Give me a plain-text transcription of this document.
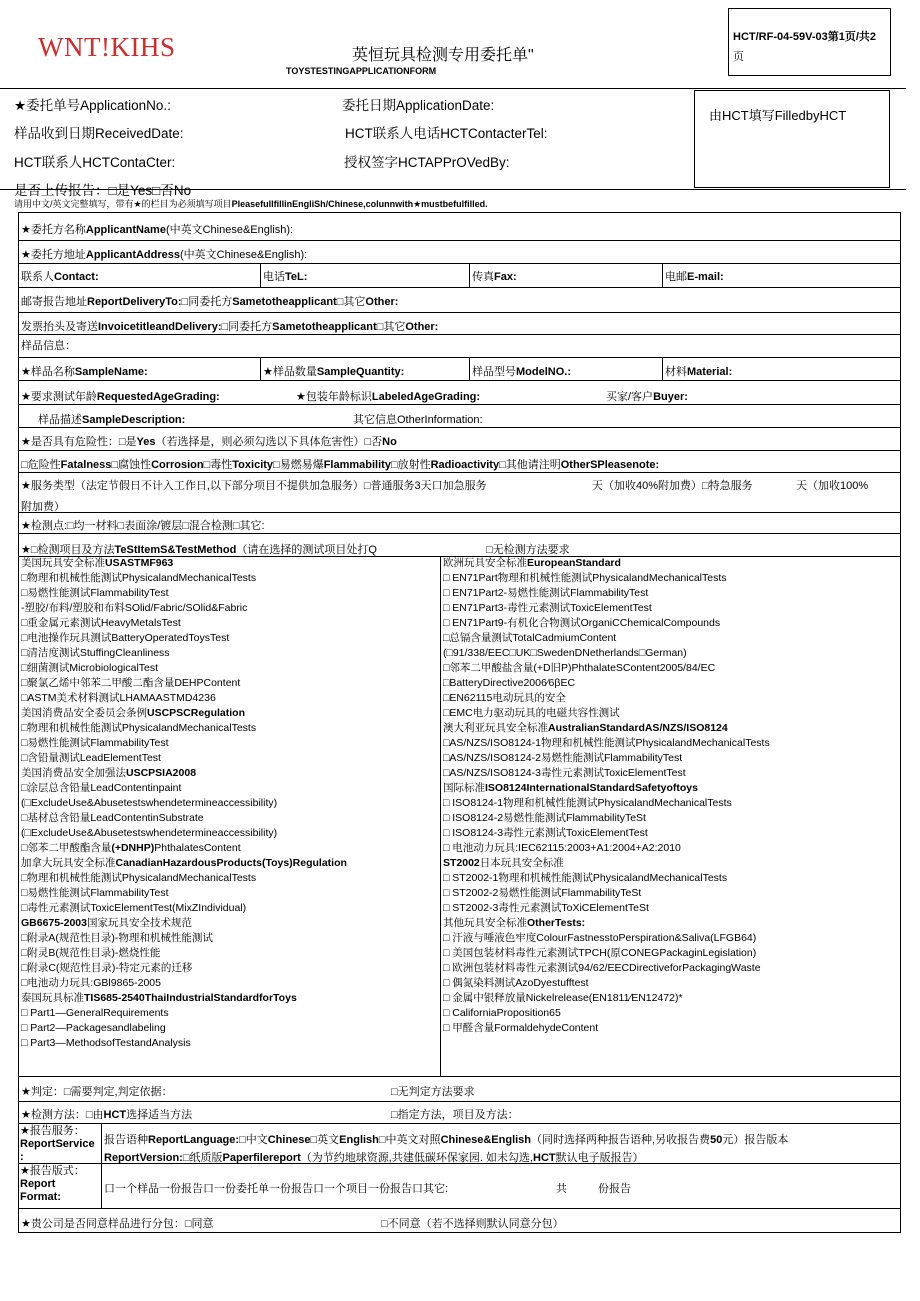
WNT!KIHS	英恒玩具检测专用委托单"
TOYSTESTINGAPPLICATIONFORM
HCT/RF-04-59V-03第1页/共2
页
由HCT填写FilledbyHCT
★委托单号ApplicationNo.:	委托日期ApplicationDate:
样品收到日期ReceivedDate:	HCT联系人电话HCTContacterTel:
HCT联系人HCTContaCter:	授权签字HCTAPPrOVedBy:
是否上传报告：□是Yes□否No
请用中文/英文完整填写，带有★的栏目为必须填写项目PleasefullfillinEngliSh/Chinese,colunnwith★mustbefulfilled.
★委托方名称ApplicantName(中英文Chinese&English):
★委托方地址ApplicantAddress(中英文Chinese&English):
联系人Contact:	电话TeL:	传真Fax:	电邮E-mail:
邮寄报告地址ReportDeliveryTo:□同委托方Sametotheapplicant□其它Other:
发票抬头及寄送InvoicetitleandDelivery:□同委托方Sametotheapplicant□其它Other:
样品信息：
★样品名称SampleName:	★样品数量SampleQuantity:	样品型号ModelNO.:	材料Material:
★要求测试年龄RequestedAgeGrading:	★包装年龄标识LabeledAgeGrading:	买家/客户Buyer:
样品描述SampleDescription:	其它信息OtherInformation:
★是否具有危险性：□是Yes（若选择是，则必须勾选以下具体危害性）□否No
□危险性Fatalness□腐蚀性Corrosion□毒性Toxicity□易燃易爆Flammability□放射性Radioactivity□其他请注明OtherSPleasenote:
★服务类型（法定节假日不计入工作日,以下部分项目不提供加急服务）□普通服务3天口加急服务	天（加收40%附加费）□特急服务	天（加收100%
附加费）
★检测点:□均一材料□表面涂/镀层□混合检测□其它:
★□检测项目及方法TeStItemS&TestMethod（请在选择的测试项目处打Q	□无检测方法要求
美国玩具安全标准USASTMF963
□物理和机械性能测试PhysicalandMechanicalTests
□易燃性能测试FlammabilityTest
-塑胶/布料/塑胶和布料SOlid/Fabric/SOlid&Fabric
□重金属元素测试HeavyMetalsTest
□电池操作玩具测试BatteryOperatedToysTest
□清洁度测试StuffingCleanliness
□细菌测试MicrobiologicalTest
□聚氯乙烯中邻苯二甲酸二酯含量DEHPContent
□ASTM美术材料测试LHAMAASTMD4236
美国消费品安全委员会条例USCPSCRegulation
□物理和机械性能测试PhysicalandMechanicalTests
□易燃性能测试FlammabilityTest
□含铅量测试LeadElementTest
美国消费品安全加强法USCPSIA2008
□涂层总含铅量LeadContentinpaint
(□ExcludeUse&Abusetestswhendetermineaccessibility)
□基材总含铅量LeadContentinSubstrate
(□ExcludeUse&Abusetestswhendetermineaccessibility)
□邻苯二甲酸酯含量(+DNHP)PhthalatesContent
加拿大玩具安全标准CanadianHazardousProducts(Toys)Regulation
□物理和机械性能测试PhysicalandMechanicalTests
□易燃性能测试FlammabilityTest
□毒性元素测试ToxicElementTest(MixZIndividual)
GB6675-2003国家玩具安全技术规范
□附录A(规范性目录)-物理和机械性能测试
□附灵B(规范性目录)-燃烧性能
□附录C(规范性目录)-特定元素的迁移
□电池动力玩具:GBl9865-2005
泰国玩具标准TIS685-2540ThaiIndustrialStandardforToys
□ Part1—GeneralRequirements
□ Part2—Packagesandlabeling
□ Part3—MethodsofTestandAnalysis
欧洲玩具安全标准EuropeanStandard
□ EN71Part物理和机械性能测试PhysicalandMechanicalTests
□ EN71Part2-易燃性能测试FlammabilityTest
□ EN71Part3-毒性元素测试ToxicElementTest
□ EN71Part9-有机化合物测试OrganiCChemicalCompounds
□总镉含量测试TotalCadmiumContent
(□91/338/EEC□UK□SwedenDNetherlands□German)
□邻苯二甲酸盐含量(+D旧P)PhthalateSContent2005/84/EC
□BatteryDirective2006∕6βEC
□EN62115电动玩具的安全
□EMC电力驱动玩具的电磁共容性测试
澳大利亚玩具安全标准AustralianStandardAS/NZS/ISO8124
□AS/NZS/ISO8124-1物理和机械性能测试PhysicalandMechanicalTests
□AS/NZS/ISO8124-2易燃性能测试FlammabilityTest
□AS/NZS/ISO8124-3毒性元素测试ToxicElementTest
国际标准ISO8124InternationalStandardSafetyoftoys
□ ISO8124-1物理和机械性能测试PhysicalandMechanicalTests
□ ISO8124-2易燃性能测试FlammabilityTeSt
□ ISO8124-3毒性元素测试ToxicElementTest
□ 电池动力玩具:IEC62115:2003+A1:2004+A2:2010
ST2002日本玩具安全标准
□ ST2002-1物理和机械性能测试PhysicalandMechanicalTests
□ ST2002-2易燃性能测试FlammabilityTeSt
□ ST2002-3毒性元素测试ToXiCElementTeSt
其他玩具安全标准OtherTests:
□ 汗液与唾液色牢度ColourFastnesstoPerspiration&Saliva(LFGB64)
□ 美国包装材料毒性元素测试TPCH(原CONEGPackaginLegislation)
□ 欧洲包装材料毒性元素测试94/62/EECDirectiveforPackagingWaste
□ 偶氮染料测试AzoDyestufftest
□ 金属中银释放量Nickelrelease(EN1811∕EN12472)*
□ CaliforniaProposition65
□ 甲醛含量FormaldehydeContent
★判定：□需要判定,判定依据：	□无判定方法要求
★检测方法：□由HCT选择适当方法	□指定方法，项目及方法：
★报告服务：
ReportService
:
报告语种ReportLanguage:□中文Chinese□英文English□中英文对照Chinese&English（同时选择两种报告语种,另收报告费50元）报告版本
ReportVersion:□纸质版Paperfilereport（为节约地球资源,共建低碳环保家园. 如未勾选,HCT默认电子版报告）
★报告版式：
Report
Format:
口一个样品一份报告口一份委托单一份报告口一个项目一份报告口其它:	共	份报告
★贵公司是否同意样品进行分包：□同意	□不同意（若不选择则默认同意分包）
